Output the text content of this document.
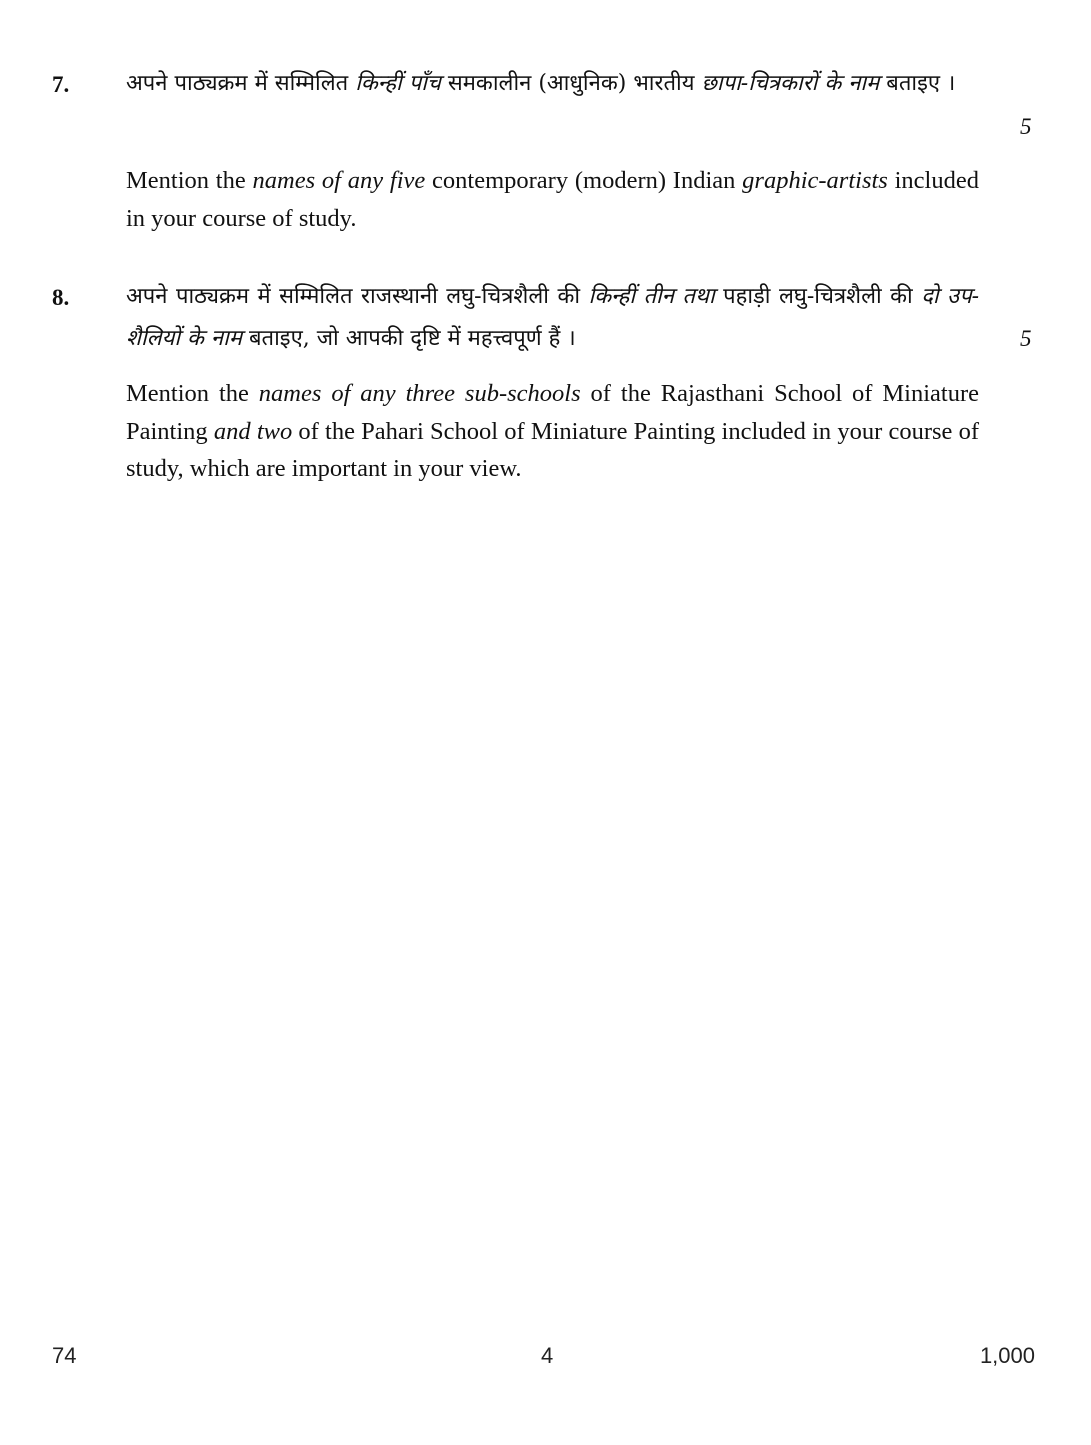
7.	अपने पाठ्यक्रम में सम्मिलित किन्हीं पाँच समकालीन (आधुनिक) भारतीय छापा-चित्रकारों के नाम बताइए ।
5
Mention the names of any five contemporary (modern) Indian graphic-artists included in your course of study.
8.	अपने पाठ्यक्रम में सम्मिलित राजस्थानी लघु-चित्रशैली की किन्हीं तीन तथा पहाड़ी लघु-चित्रशैली की दो उप-शैलियों के नाम बताइए, जो आपकी दृष्टि में महत्त्वपूर्ण हैं ।	5
Mention the names of any three sub-schools of the Rajasthani School of Miniature Painting and two of the Pahari School of Miniature Painting included in your course of study, which are important in your view.
74	4	1,000
